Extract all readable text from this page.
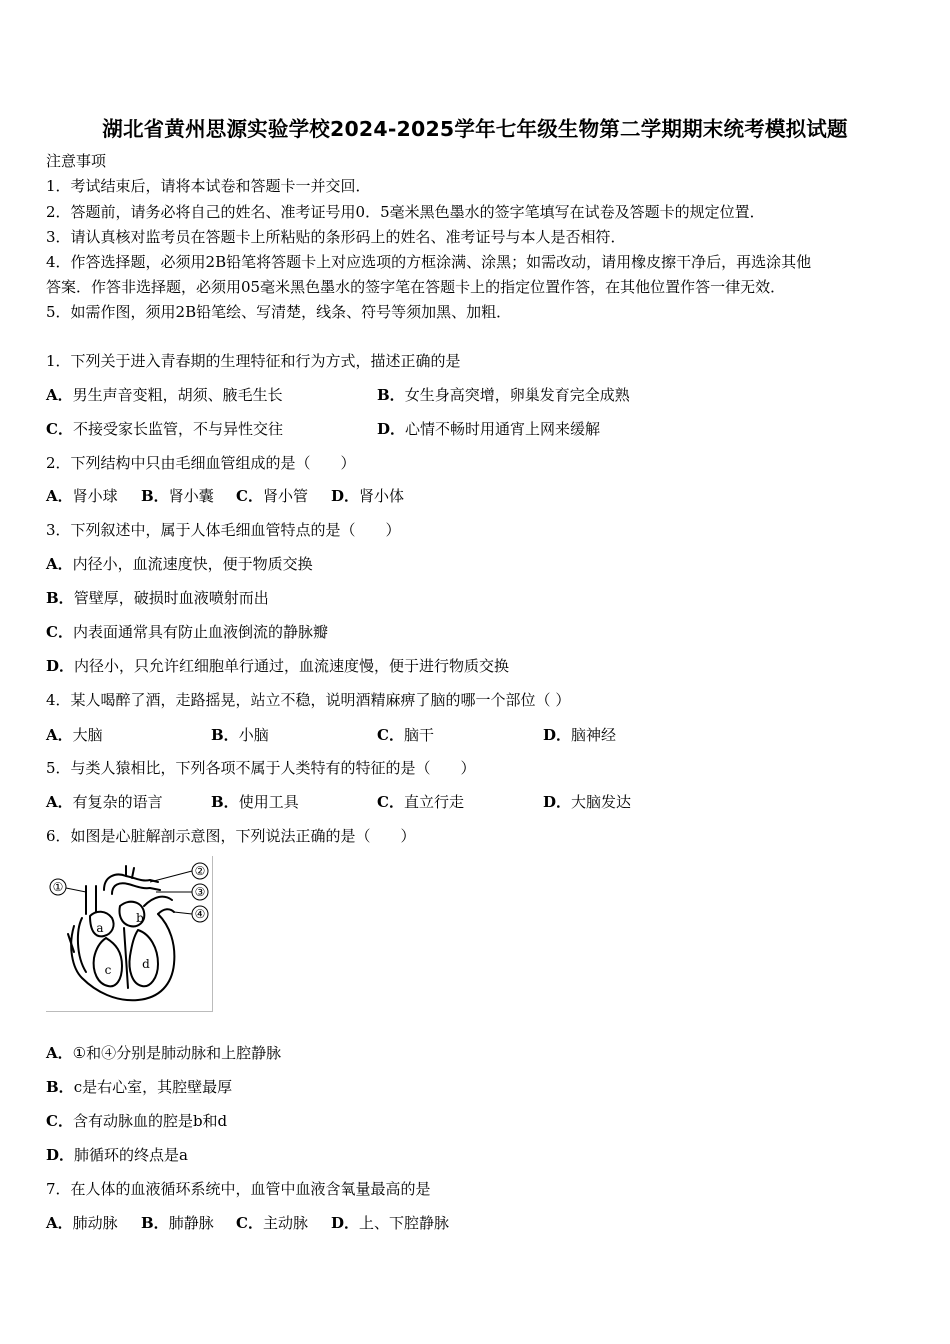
湖北省黄州思源实验学校2024-2025学年七年级生物第二学期期末统考模拟试题
注意事项
1．考试结束后，请将本试卷和答题卡一并交回．
2．答题前，请务必将自己的姓名、准考证号用0．5毫米黑色墨水的签字笔填写在试卷及答题卡的规定位置．
3．请认真核对监考员在答题卡上所粘贴的条形码上的姓名、准考证号与本人是否相符．
4．作答选择题，必须用2B铅笔将答题卡上对应选项的方框涂满、涂黑；如需改动，请用橡皮擦干净后，再选涂其他
答案．作答非选择题，必须用05毫米黑色墨水的签字笔在答题卡上的指定位置作答，在其他位置作答一律无效．
5．如需作图，须用2B铅笔绘、写清楚，线条、符号等须加黑、加粗．
1．下列关于进入青春期的生理特征和行为方式，描述正确的是
A．男生声音变粗，胡须、腋毛生长	B．女生身高突增，卵巢发育完全成熟
C．不接受家长监管，不与异性交往	D．心情不畅时用通宵上网来缓解
2．下列结构中只由毛细血管组成的是（　　）
A．肾小球 B．肾小囊 C．肾小管 D．肾小体
3．下列叙述中，属于人体毛细血管特点的是（　　）
A．内径小，血流速度快，便于物质交换
B．管壁厚，破损时血液喷射而出
C．内表面通常具有防止血液倒流的静脉瓣
D．内径小，只允许红细胞单行通过，血流速度慢，便于进行物质交换
4．某人喝醉了酒，走路摇晃，站立不稳，说明酒精麻痹了脑的哪一个部位（ ）
A．大脑	B．小脑	C．脑干	D．脑神经
5．与类人猿相比，下列各项不属于人类特有的特征的是（　　）
A．有复杂的语言	B．使用工具	C．直立行走	D．大脑发达
6．如图是心脏解剖示意图，下列说法正确的是（　　）
①
②
③
④
a
b
c	d
A．①和④分别是肺动脉和上腔静脉
B．c是右心室，其腔壁最厚
C．含有动脉血的腔是b和d
D．肺循环的终点是a
7．在人体的血液循环系统中，血管中血液含氧量最高的是
A．肺动脉 B．肺静脉 C．主动脉 D．上、下腔静脉
